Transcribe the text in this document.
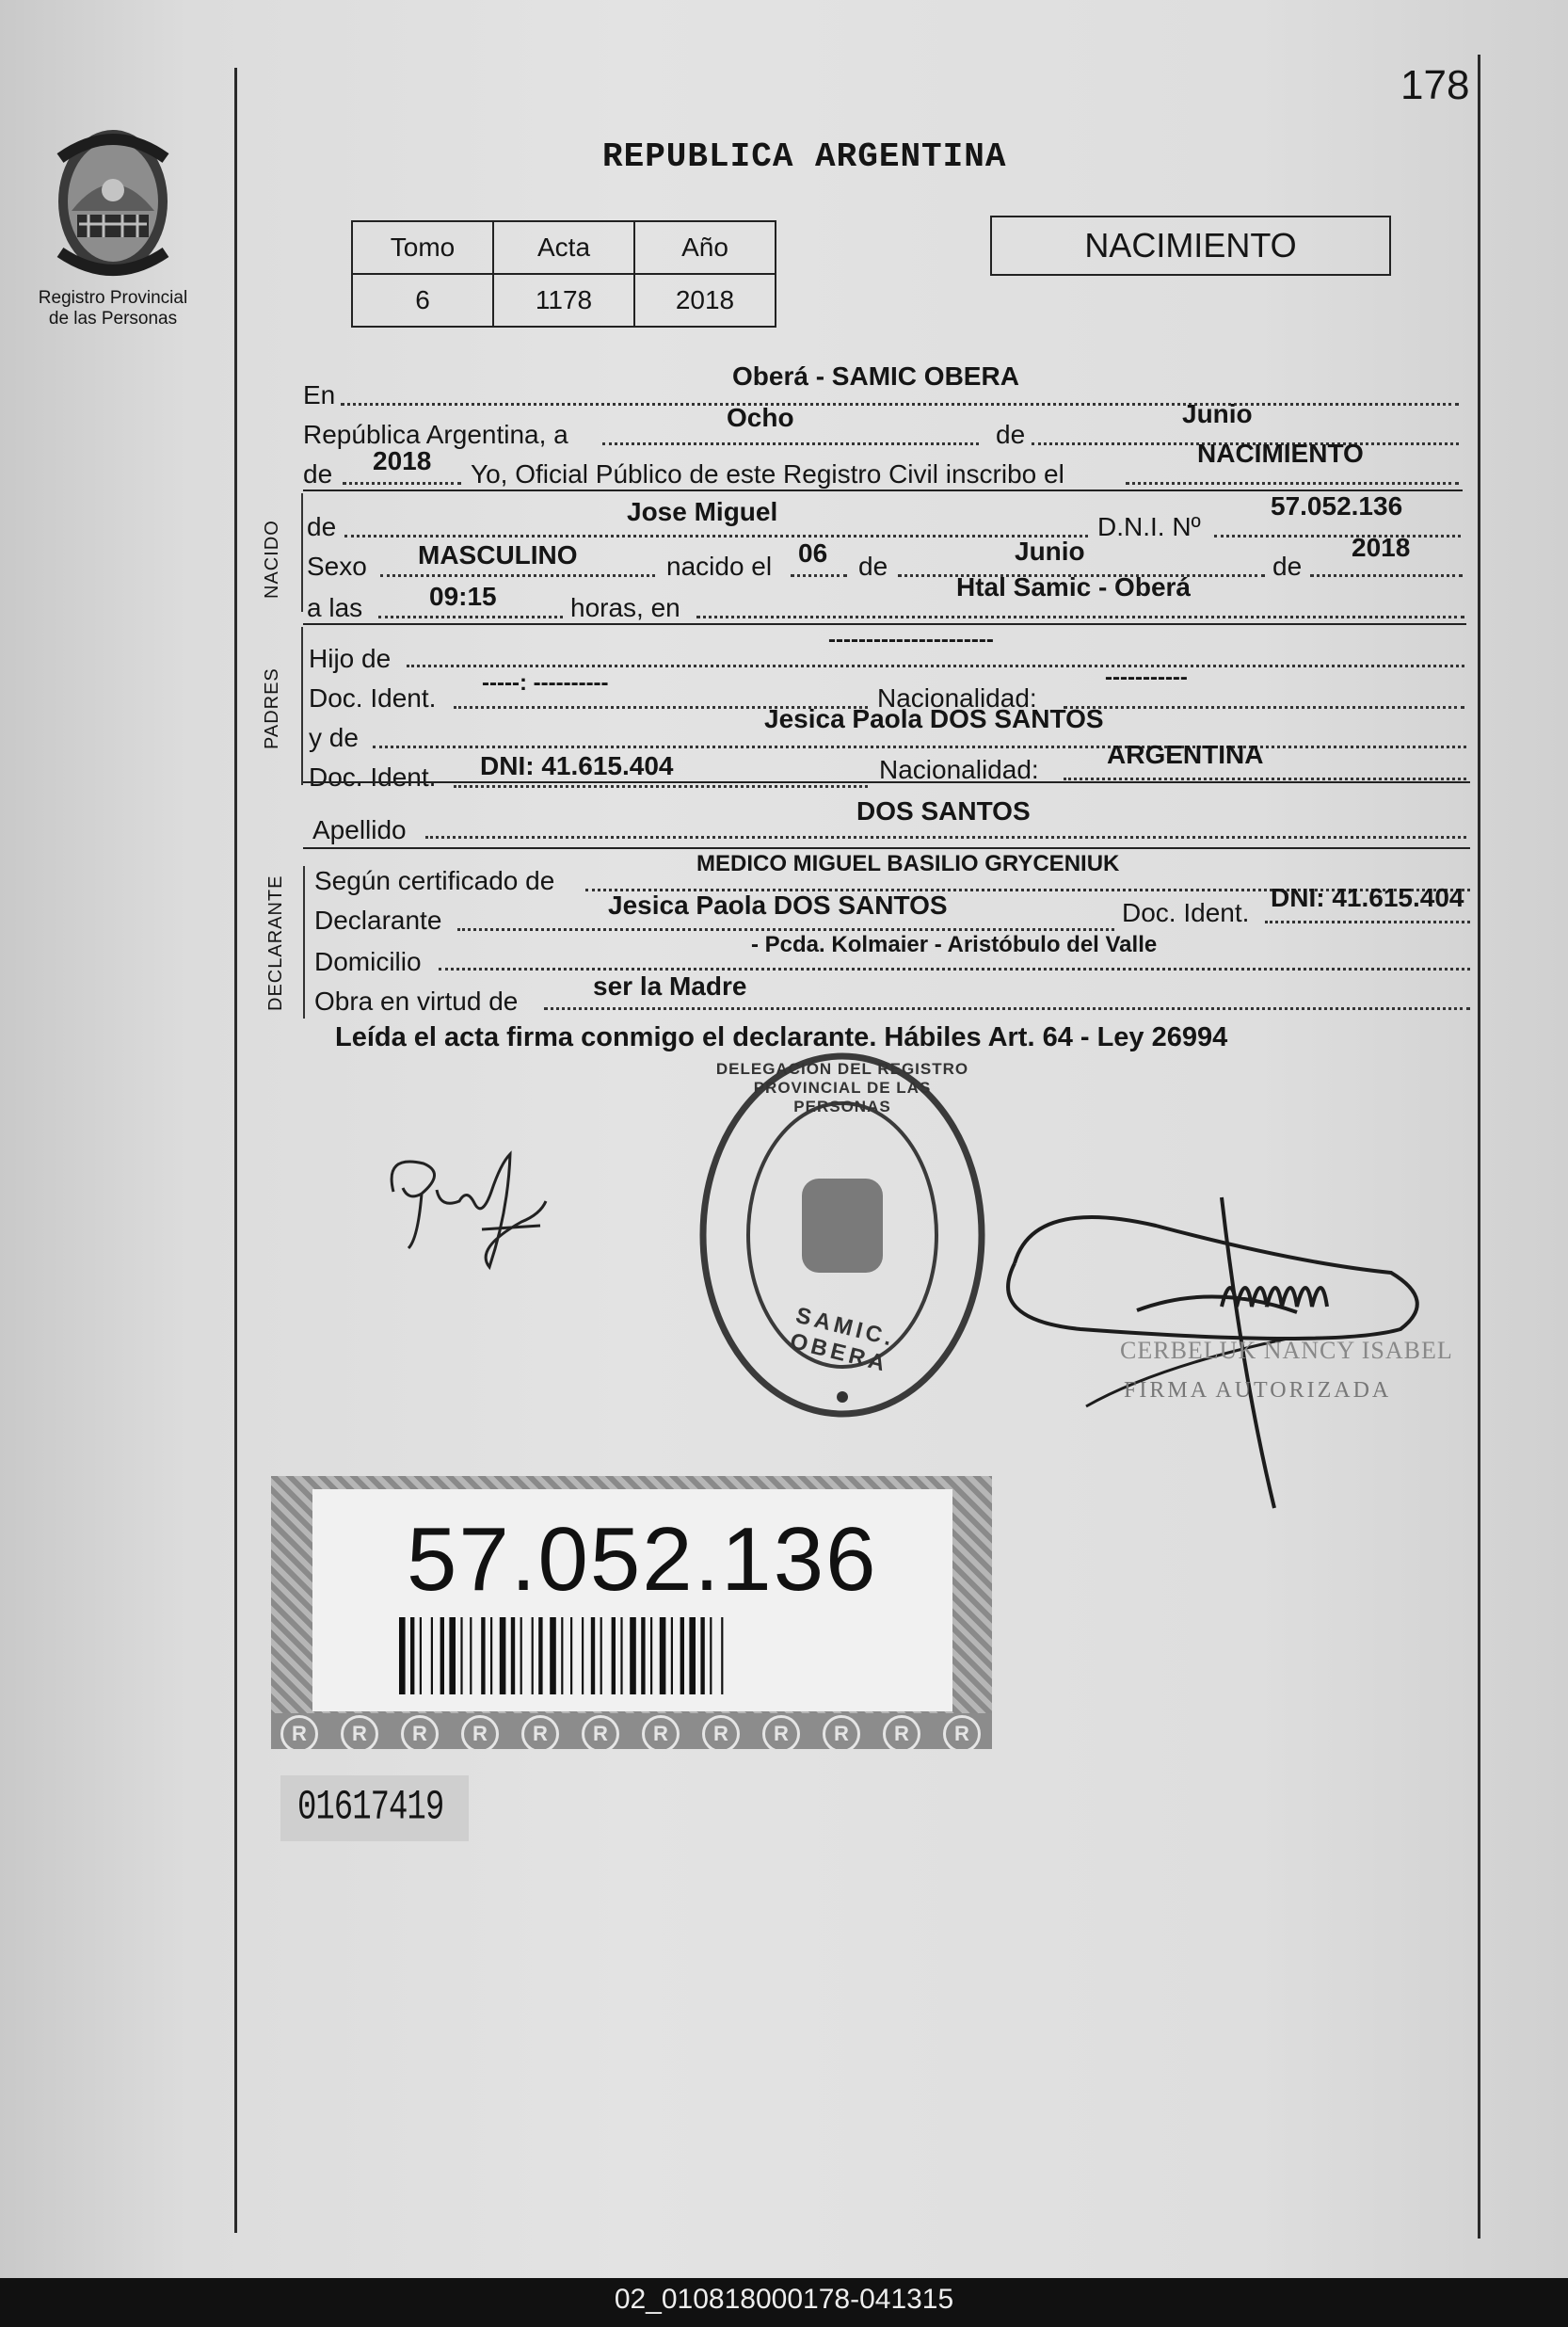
178
Registro Provincial
de las Personas
REPUBLICA ARGENTINA
Tomo	Acta	Año
6	1178	2018
NACIMIENTO
En
Oberá - SAMIC OBERA
República Argentina, a
Ocho
de
Junio
de 2018 Yo, Oficial Público de este Registro Civil inscribo el
NACIMIENTO
NACIDO de
Jose Miguel
D.N.I. Nº
57.052.136
Sexo MASCULINO	nacido el 06 de
Junio
de
2018
a las	09:15	horas, en
Htal Samic - Oberá
PADRES
Hijo de
----------------------
Doc. Ident.
-----: ----------
Nacionalidad:
-----------
y de
Jesica Paola DOS SANTOS
Doc. Ident. DNI: 41.615.404	Nacionalidad:
ARGENTINA
Apellido
DOS SANTOS
DECLARANTE Según certificado de
MEDICO MIGUEL BASILIO GRYCENIUK
Declarante
Jesica Paola DOS SANTOS	Doc. Ident.
DNI: 41.615.404
Domicilio
- Pcda. Kolmaier - Aristóbulo del Valle
Obra en virtud de
ser la Madre
Leída el acta firma conmigo el declarante. Hábiles Art. 64 - Ley 26994
DELEGACIÓN DEL REGISTRO PROVINCIAL DE LAS PERSONAS
SAMIC. OBERA	CERBELUK NANCY ISABEL
FIRMA AUTORIZADA
57.052.136
R	R	R	R	R	R	R	R	R	R	R	R
01617419
02_010818000178-041315
